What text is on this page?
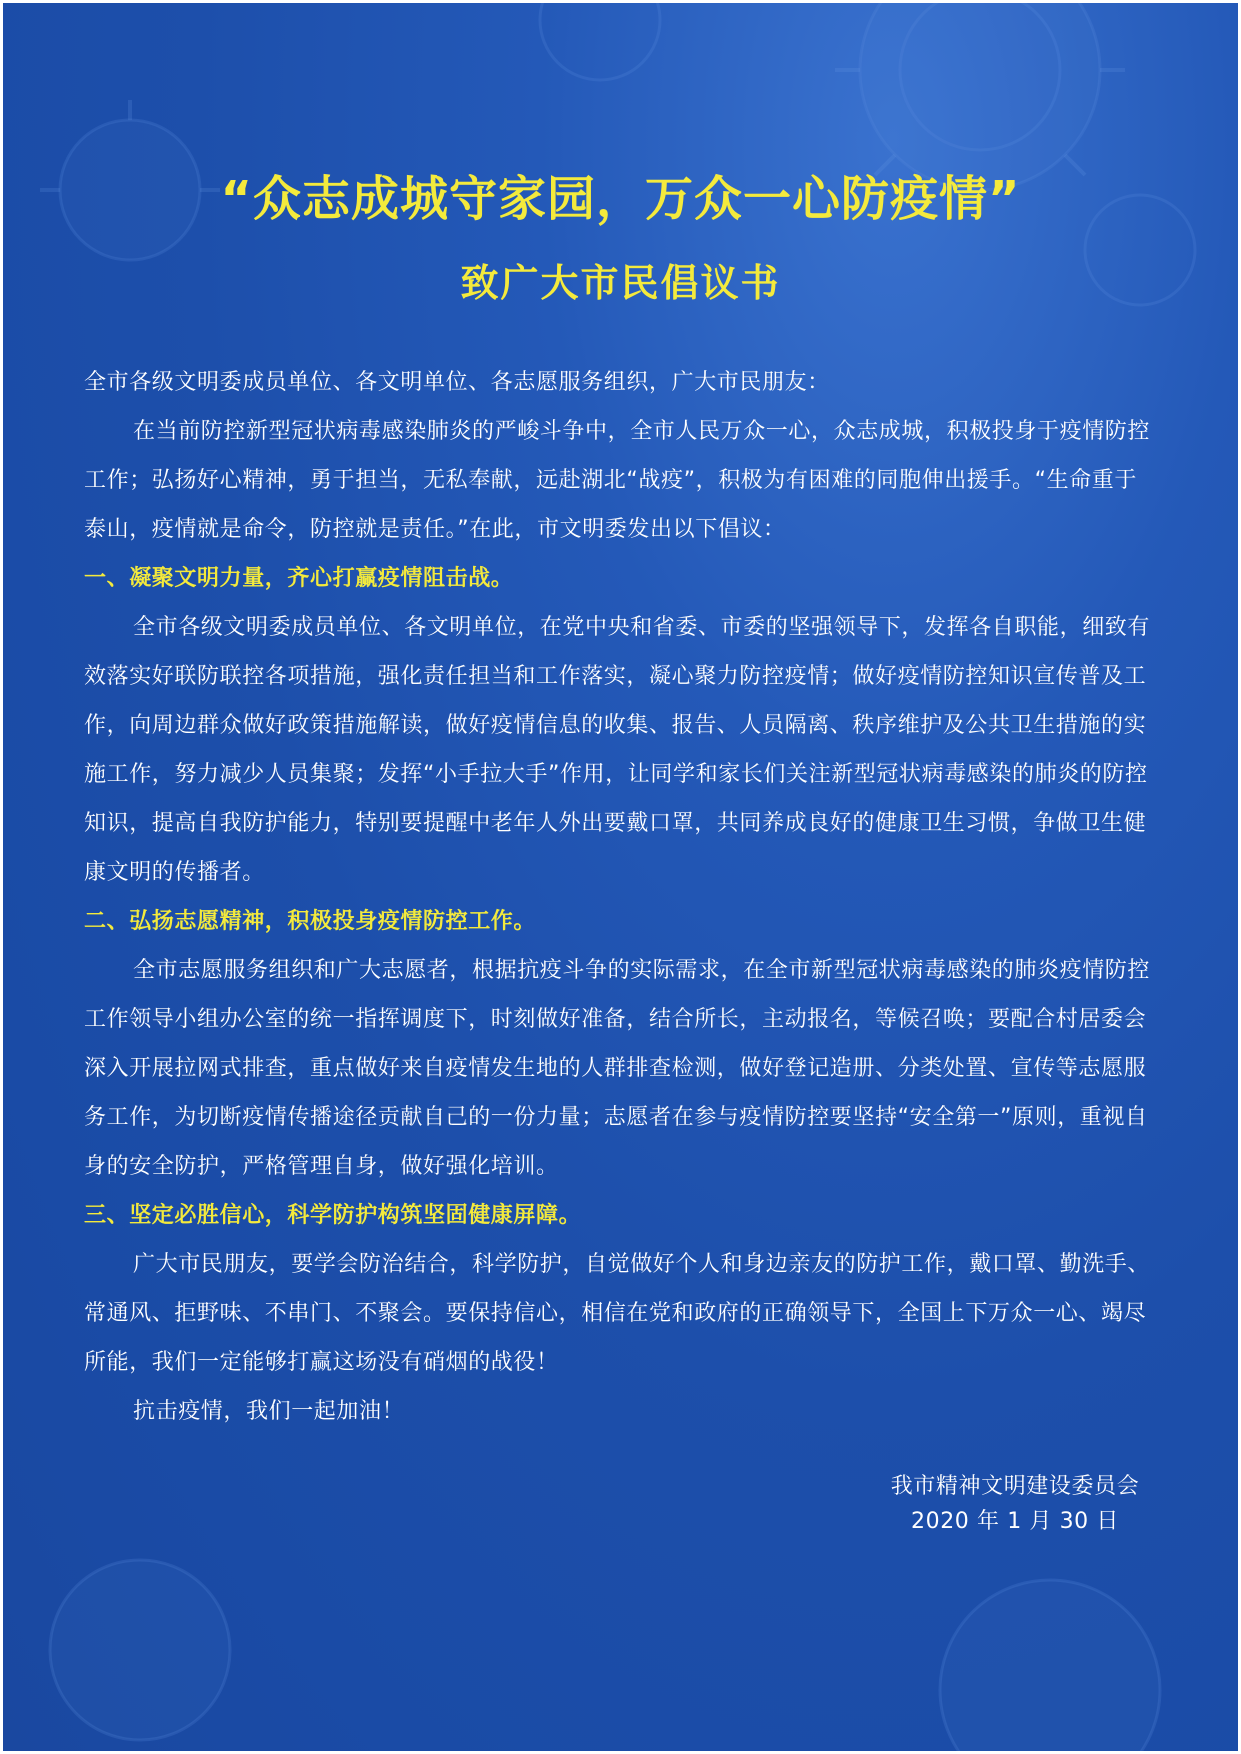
“众志成城守家园，万众一心防疫情”
致广大市民倡议书

全市各级文明委成员单位、各文明单位、各志愿服务组织，广大市民朋友：

在当前防控新型冠状病毒感染肺炎的严峻斗争中，全市人民万众一心，众志成城，积极投身于疫情防控工作；弘扬好心精神，勇于担当，无私奉献，远赴湖北“战疫”，积极为有困难的同胞伸出援手。“生命重于泰山，疫情就是命令，防控就是责任。”在此，市文明委发出以下倡议：

一、凝聚文明力量，齐心打赢疫情阻击战。

全市各级文明委成员单位、各文明单位，在党中央和省委、市委的坚强领导下，发挥各自职能，细致有效落实好联防联控各项措施，强化责任担当和工作落实，凝心聚力防控疫情；做好疫情防控知识宣传普及工作，向周边群众做好政策措施解读，做好疫情信息的收集、报告、人员隔离、秩序维护及公共卫生措施的实施工作，努力减少人员集聚；发挥“小手拉大手”作用，让同学和家长们关注新型冠状病毒感染的肺炎的防控知识，提高自我防护能力，特别要提醒中老年人外出要戴口罩，共同养成良好的健康卫生习惯，争做卫生健康文明的传播者。

二、弘扬志愿精神，积极投身疫情防控工作。

全市志愿服务组织和广大志愿者，根据抗疫斗争的实际需求，在全市新型冠状病毒感染的肺炎疫情防控工作领导小组办公室的统一指挥调度下，时刻做好准备，结合所长，主动报名，等候召唤；要配合村居委会深入开展拉网式排查，重点做好来自疫情发生地的人群排查检测，做好登记造册、分类处置、宣传等志愿服务工作，为切断疫情传播途径贡献自己的一份力量；志愿者在参与疫情防控要坚持“安全第一”原则，重视自身的安全防护，严格管理自身，做好强化培训。

三、坚定必胜信心，科学防护构筑坚固健康屏障。

广大市民朋友，要学会防治结合，科学防护，自觉做好个人和身边亲友的防护工作，戴口罩、勤洗手、常通风、拒野味、不串门、不聚会。要保持信心，相信在党和政府的正确领导下，全国上下万众一心、竭尽所能，我们一定能够打赢这场没有硝烟的战役！

抗击疫情，我们一起加油！

我市精神文明建设委员会
2020 年 1 月 30 日
